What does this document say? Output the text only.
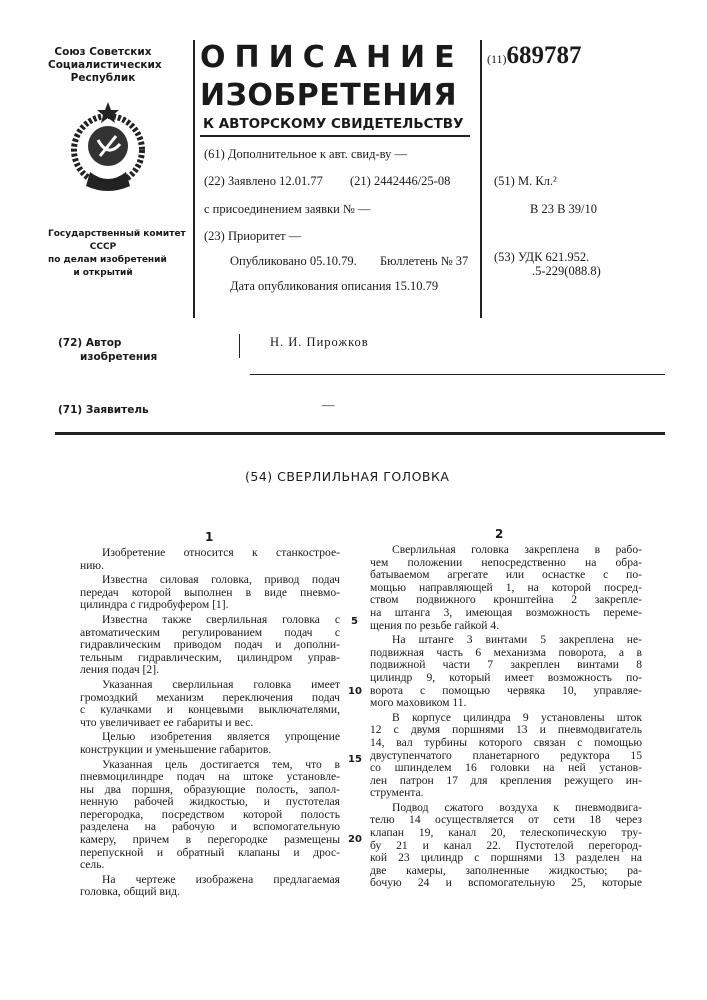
Союз Советских
Социалистических
Республик
Государственный комитет
СССР
по делам изобретений
и открытий
ОПИСАНИЕ
ИЗОБРЕТЕНИЯ
К АВТОРСКОМУ СВИДЕТЕЛЬСТВУ
(61) Дополнительное к авт. свид-ву —
(22) Заявлено 12.01.77 (21) 2442446/25-08
с присоединением заявки № —
(23) Приоритет —
Опубликовано 05.10.79. Бюллетень № 37
Дата опубликования описания 15.10.79
(11)689787
(51) М. Кл.²
В 23 В 39/10
(53) УДК 621.952.
.5-229(088.8)
(72) Автор
изобретения
Н. И. Пирожков
(71) Заявитель	—
(54) СВЕРЛИЛЬНАЯ ГОЛОВКА
1	2
Изобретение относится к станкострое-
нию.
Известна силовая головка, привод подач
передач которой выполнен в виде пневмо-
цилиндра с гидробуфером [1].
Известна также сверлильная головка с
автоматическим регулированием подач с
гидравлическим приводом подач и дополни-
тельным гидравлическим, цилиндром управ-
ления подач [2].
Указанная сверлильная головка имеет
громоздкий механизм переключения подач
с кулачками и концевыми выключателями,
что увеличивает ее габариты и вес.
Целью изобретения является упрощение
конструкции и уменьшение габаритов.
Указанная цель достигается тем, что в
пневмоцилиндре подач на штоке установле-
ны два поршня, образующие полость, запол-
ненную рабочей жидкостью, и пустотелая
перегородка, посредством которой полость
разделена на рабочую и вспомогательную
камеру, причем в перегородке размещены
перепускной и обратный клапаны и дрос-
сель.
На чертеже изображена предлагаемая
головка, общий вид.
Сверлильная головка закреплена в рабо-
чем положении непосредственно на обра-
батываемом агрегате или оснастке с по-
мощью направляющей 1, на которой посред-
ством подвижного кронштейна 2 закрепле-
на штанга 3, имеющая возможность переме-
щения по резьбе гайкой 4.
На штанге 3 винтами 5 закреплена не-
подвижная часть 6 механизма поворота, а в
подвижной части 7 закреплен винтами 8
цилиндр 9, который имеет возможность по-
ворота с помощью червяка 10, управляе-
мого маховиком 11.
В корпусе цилиндра 9 установлены шток
12 с двумя поршнями 13 и пневмодвигатель
14, вал турбины которого связан с помощью
двуступенчатого планетарного редуктора 15
со шпинделем 16 головки на ней установ-
лен патрон 17 для крепления режущего ин-
струмента.
Подвод сжатого воздуха к пневмодвига-
телю 14 осуществляется от сети 18 через
клапан 19, канал 20, телескопическую тру-
бу 21 и канал 22. Пустотелой перегород-
кой 23 цилиндр с поршнями 13 разделен на
две камеры, заполненные жидкостью; ра-
бочую 24 и вспомогательную 25, которые
5
10
15
20
